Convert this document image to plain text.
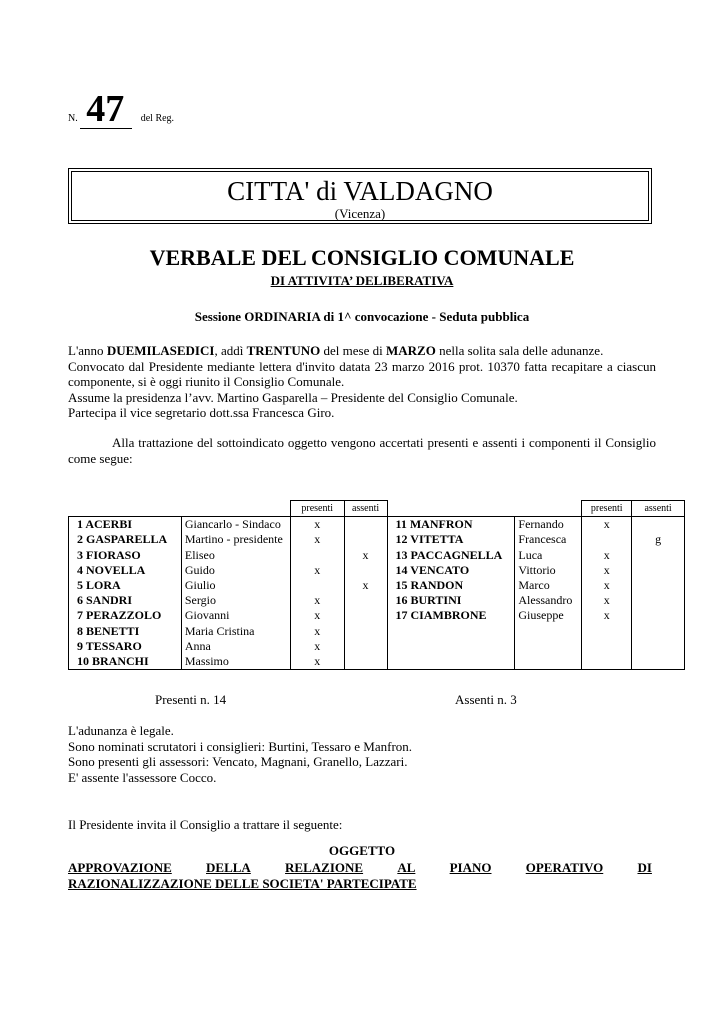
N. 47 del Reg.
CITTA' di VALDAGNO
(Vicenza)
VERBALE DEL CONSIGLIO COMUNALE
DI ATTIVITA’ DELIBERATIVA
Sessione ORDINARIA di 1^ convocazione - Seduta pubblica
L'anno DUEMILASEDICI, addì TRENTUNO del mese di MARZO nella solita sala delle adunanze.
Convocato dal Presidente mediante lettera d'invito datata 23 marzo 2016 prot. 10370 fatta recapitare a ciascun componente, si è oggi riunito il Consiglio Comunale.
Assume la presidenza l’avv. Martino Gasparella – Presidente del Consiglio Comunale.
Partecipa il vice segretario dott.ssa Francesca Giro.
Alla trattazione del sottoindicato oggetto vengono accertati presenti e assenti i componenti il Consiglio come segue:
		presenti	assenti			presenti	assenti
1 ACERBI	Giancarlo - Sindaco	x		11 MANFRON	Fernando	x	
2 GASPARELLA	Martino - presidente	x		12 VITETTA	Francesca		g
3 FIORASO	Eliseo		x	13 PACCAGNELLA	Luca	x	
4 NOVELLA	Guido	x		14 VENCATO	Vittorio	x	
5 LORA	Giulio		x	15 RANDON	Marco	x	
6 SANDRI	Sergio	x		16 BURTINI	Alessandro	x	
7 PERAZZOLO	Giovanni	x		17 CIAMBRONE	Giuseppe	x	
8 BENETTI	Maria Cristina	x					
9 TESSARO	Anna	x					
10 BRANCHI	Massimo	x					
Presenti n. 14	Assenti n. 3
L'adunanza è legale.
Sono nominati scrutatori i consiglieri: Burtini, Tessaro e Manfron.
Sono presenti gli assessori: Vencato, Magnani, Granello, Lazzari.
E' assente l'assessore Cocco.
Il Presidente invita il Consiglio a trattare il seguente:
OGGETTO
APPROVAZIONE	DELLA	RELAZIONE	AL	PIANO	OPERATIVO	DI
RAZIONALIZZAZIONE DELLE SOCIETA' PARTECIPATE
